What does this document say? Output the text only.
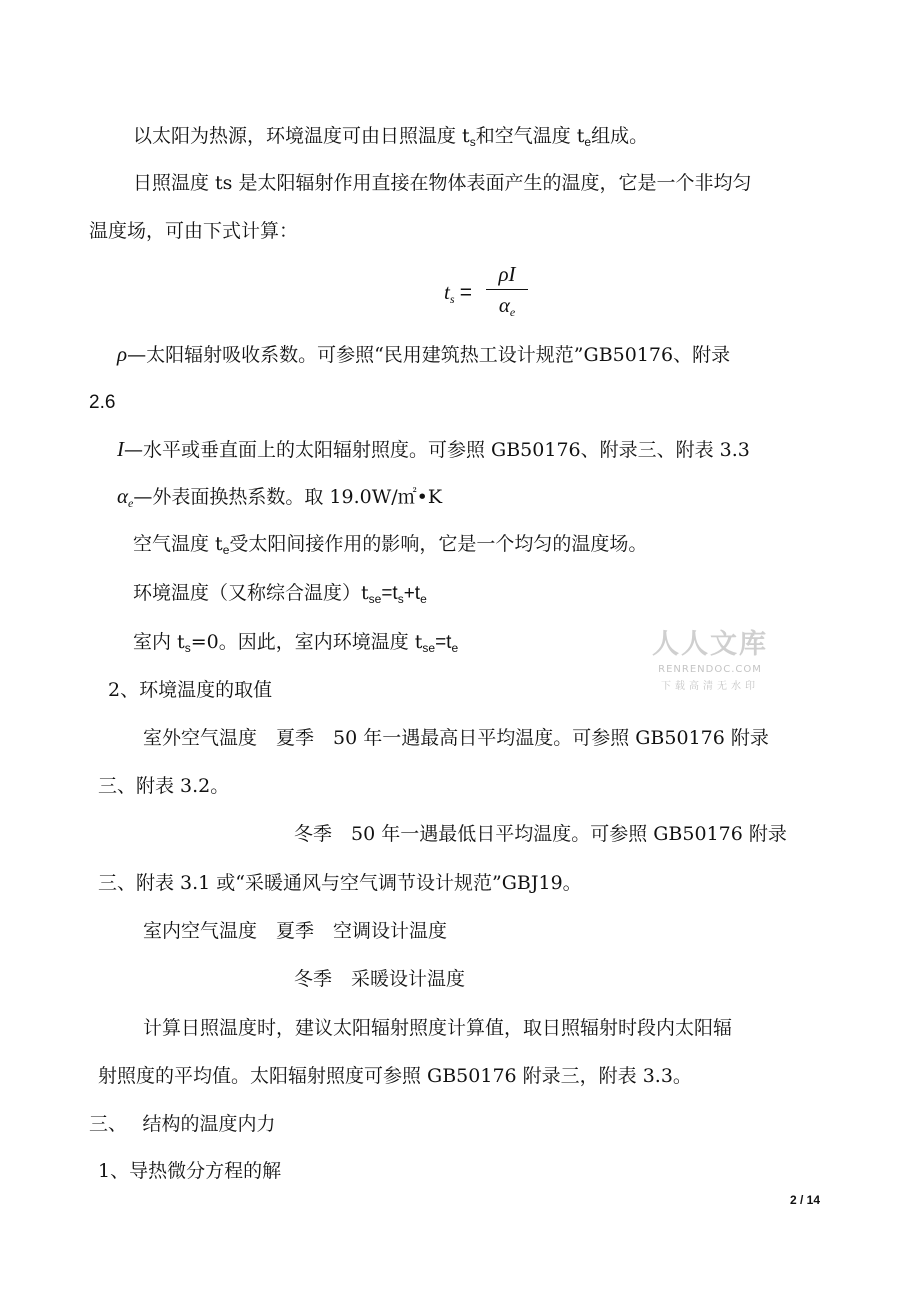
以太阳为热源，环境温度可由日照温度 $t_s$和空气温度 $t_e$组成。
日照温度 ts 是太阳辐射作用直接在物体表面产生的温度，它是一个非均匀
温度场，可由下式计算：
$t_s$ =
ρI
$\alpha_e$
ρ—太阳辐射吸收系数。可参照“民用建筑热工设计规范”GB50176、附录
2.6
I—水平或垂直面上的太阳辐射照度。可参照 GB50176、附录三、附表 3.3
$\alpha_e—$外表面换热系数。取 19.0W/㎡•K
空气温度 $t_e$受太阳间接作用的影响，它是一个均匀的温度场。
环境温度（又称综合温度）$t_{se}=t_s+t_e$
室内 $t_s=0$。因此，室内环境温度 $t_{se}=t_e$	人人文库
RENRENDOC.COM
下载高清无水印
2、环境温度的取值
室外空气温度　夏季　50 年一遇最高日平均温度。可参照 GB50176 附录
三、附表 3.2。
冬季　50 年一遇最低日平均温度。可参照 GB50176 附录
三、附表 3.1 或“采暖通风与空气调节设计规范”GBJ19。
室内空气温度　夏季　空调设计温度
冬季　采暖设计温度
计算日照温度时，建议太阳辐射照度计算值，取日照辐射时段内太阳辐
射照度的平均值。太阳辐射照度可参照 GB50176 附录三，附表 3.3。
三、　 结构的温度内力
1、导热微分方程的解
2 / 14
